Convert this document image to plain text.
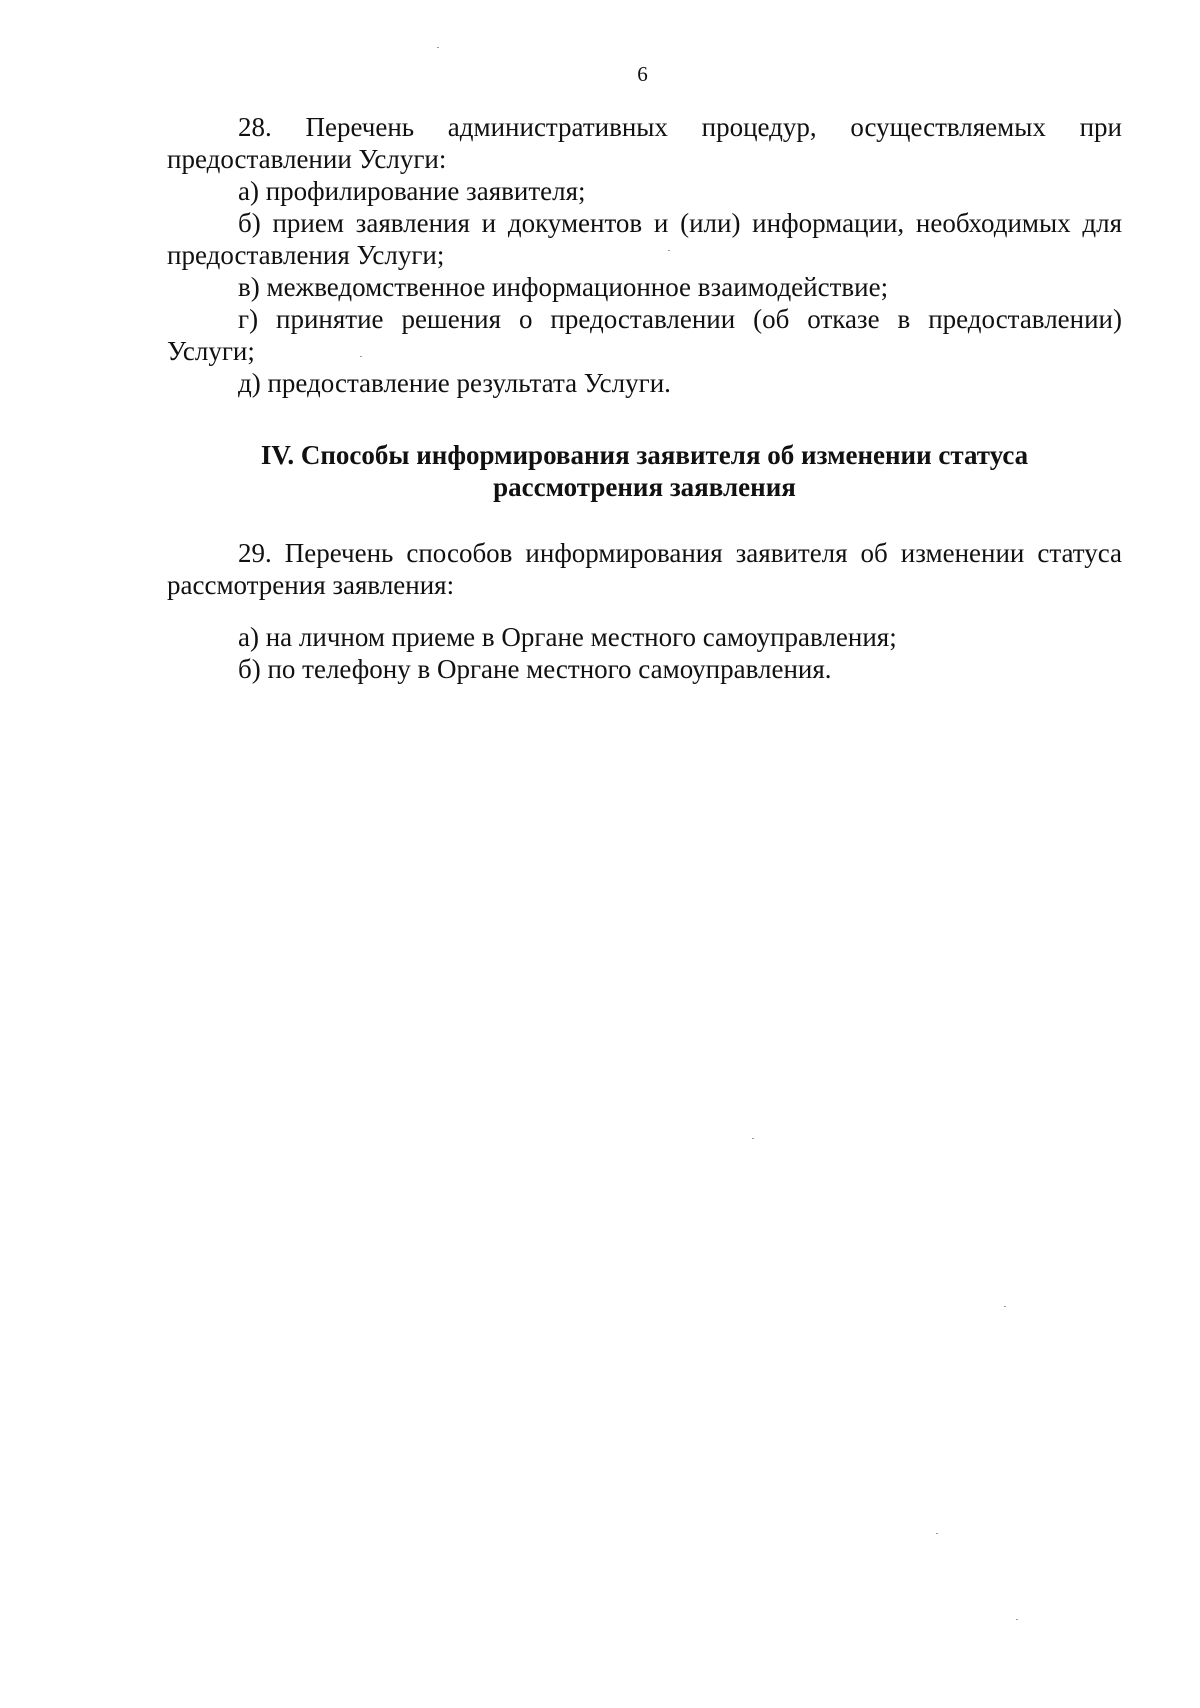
6

28. Перечень административных процедур, осуществляемых при предоставлении Услуги:

а) профилирование заявителя;

б) прием заявления и документов и (или) информации, необходимых для предоставления Услуги;

в) межведомственное информационное взаимодействие;

г) принятие решения о предоставлении (об отказе в предоставлении) Услуги;

д) предоставление результата Услуги.

IV. Способы информирования заявителя об изменении статуса
рассмотрения заявления

29. Перечень способов информирования заявителя об изменении статуса рассмотрения заявления:

а) на личном приеме в Органе местного самоуправления;

б) по телефону в Органе местного самоуправления.
